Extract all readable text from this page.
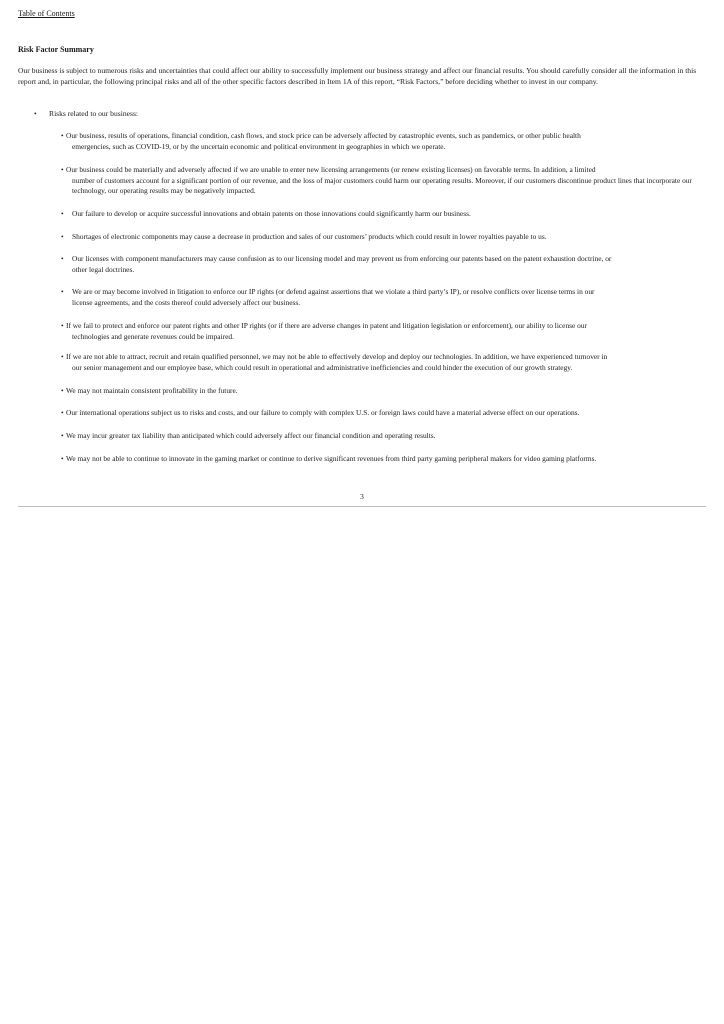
Table of Contents
Risk Factor Summary
Our business is subject to numerous risks and uncertainties that could affect our ability to successfully implement our business strategy and affect our financial results. You should carefully consider all the information in this report and, in particular, the following principal risks and all of the other specific factors described in Item 1A of this report, “Risk Factors,” before deciding whether to invest in our company.
• Risks related to our business:
• Our business, results of operations, financial condition, cash flows, and stock price can be adversely affected by catastrophic events, such as pandemics, or other public health
emergencies, such as COVID-19, or by the uncertain economic and political environment in geographies in which we operate.
• Our business could be materially and adversely affected if we are unable to enter new licensing arrangements (or renew existing licenses) on favorable terms. In addition, a limited
number of customers account for a significant portion of our revenue, and the loss of major customers could harm our operating results. Moreover, if our customers discontinue product lines that incorporate our technology, our operating results may be negatively impacted.
•	Our failure to develop or acquire successful innovations and obtain patents on those innovations could significantly harm our business.
•	Shortages of electronic components may cause a decrease in production and sales of our customers’ products which could result in lower royalties payable to us.
•	Our licenses with component manufacturers may cause confusion as to our licensing model and may prevent us from enforcing our patents based on the patent exhaustion doctrine, or
other legal doctrines.
•	We are or may become involved in litigation to enforce our IP rights (or defend against assertions that we violate a third party’s IP), or resolve conflicts over license terms in our
license agreements, and the costs thereof could adversely affect our business.
• If we fail to protect and enforce our patent rights and other IP rights (or if there are adverse changes in patent and litigation legislation or enforcement), our ability to license our
technologies and generate revenues could be impaired.
• If we are not able to attract, recruit and retain qualified personnel, we may not be able to effectively develop and deploy our technologies. In addition, we have experienced turnover in
our senior management and our employee base, which could result in operational and administrative inefficiencies and could hinder the execution of our growth strategy.
• We may not maintain consistent profitability in the future.
• Our international operations subject us to risks and costs, and our failure to comply with complex U.S. or foreign laws could have a material adverse effect on our operations.
• We may incur greater tax liability than anticipated which could adversely affect our financial condition and operating results.
• We may not be able to continue to innovate in the gaming market or continue to derive significant revenues from third party gaming peripheral makers for video gaming platforms.
3
